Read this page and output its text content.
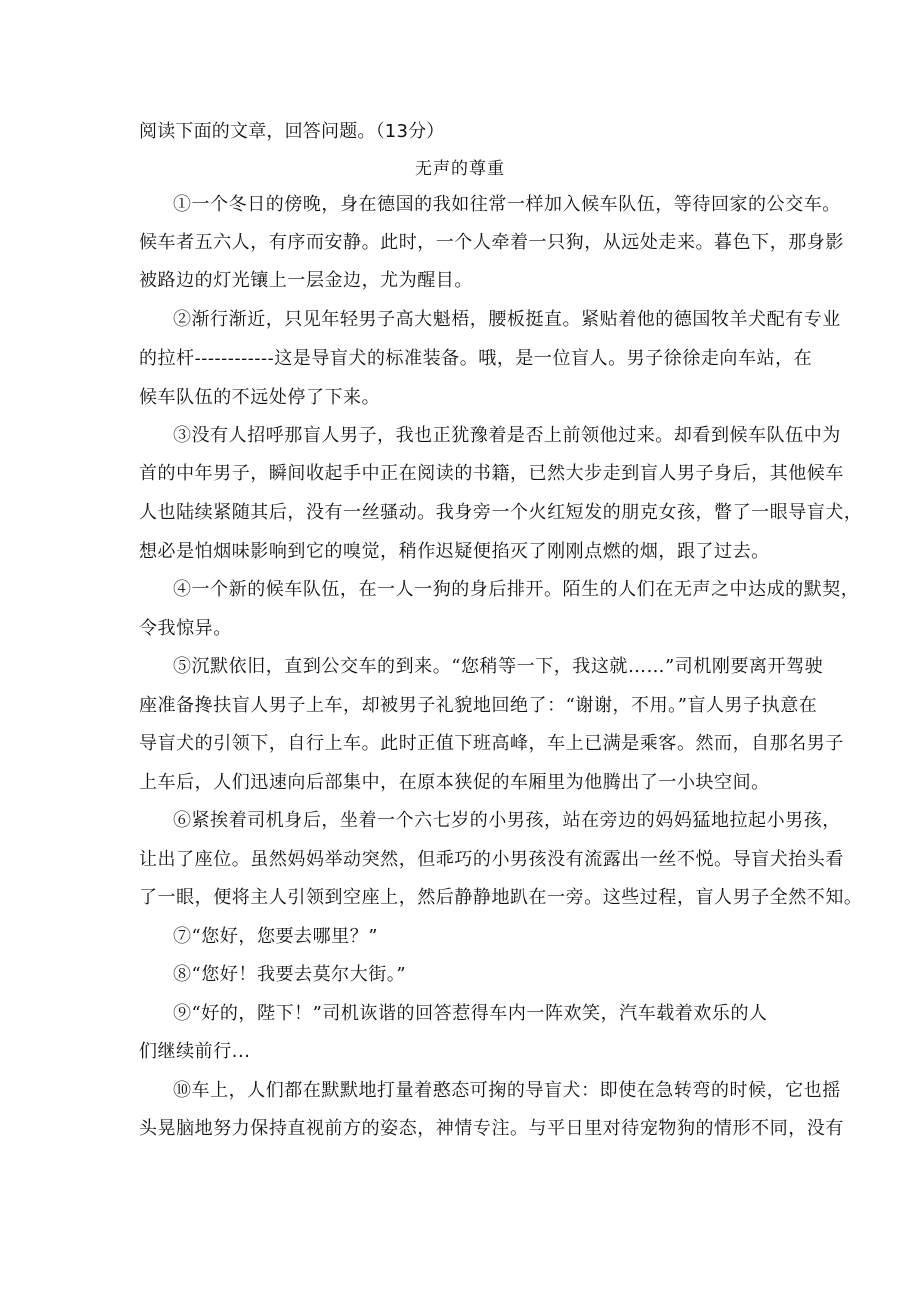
阅读下面的文章，回答问题。（13分）
无声的尊重
①一个冬日的傍晚，身在德国的我如往常一样加入候车队伍，等待回家的公交车。
候车者五六人，有序而安静。此时，一个人牵着一只狗，从远处走来。暮色下，那身影
被路边的灯光镶上一层金边，尤为醒目。
②渐行渐近，只见年轻男子高大魁梧，腰板挺直。紧贴着他的德国牧羊犬配有专业
的拉杆------------这是导盲犬的标准装备。哦，是一位盲人。男子徐徐走向车站，在
候车队伍的不远处停了下来。
③没有人招呼那盲人男子，我也正犹豫着是否上前领他过来。却看到候车队伍中为
首的中年男子，瞬间收起手中正在阅读的书籍，已然大步走到盲人男子身后，其他候车
人也陆续紧随其后，没有一丝骚动。我身旁一个火红短发的朋克女孩，瞥了一眼导盲犬，
想必是怕烟味影响到它的嗅觉，稍作迟疑便掐灭了刚刚点燃的烟，跟了过去。
④一个新的候车队伍，在一人一狗的身后排开。陌生的人们在无声之中达成的默契，
令我惊异。
⑤沉默依旧，直到公交车的到来。“您稍等一下，我这就……”司机刚要离开驾驶
座准备搀扶盲人男子上车，却被男子礼貌地回绝了：“谢谢，不用。”盲人男子执意在
导盲犬的引领下，自行上车。此时正值下班高峰，车上已满是乘客。然而，自那名男子
上车后，人们迅速向后部集中，在原本狭促的车厢里为他腾出了一小块空间。
⑥紧挨着司机身后，坐着一个六七岁的小男孩，站在旁边的妈妈猛地拉起小男孩，
让出了座位。虽然妈妈举动突然，但乖巧的小男孩没有流露出一丝不悦。导盲犬抬头看
了一眼，便将主人引领到空座上，然后静静地趴在一旁。这些过程，盲人男子全然不知。
⑦“您好，您要去哪里？”
⑧“您好！我要去莫尔大街。”
⑨“好的，陛下！”司机诙谐的回答惹得车内一阵欢笑，汽车载着欢乐的人
们继续前行...
⑩车上，人们都在默默地打量着憨态可掬的导盲犬：即使在急转弯的时候，它也摇
头晃脑地努力保持直视前方的姿态，神情专注。与平日里对待宠物狗的情形不同，没有
